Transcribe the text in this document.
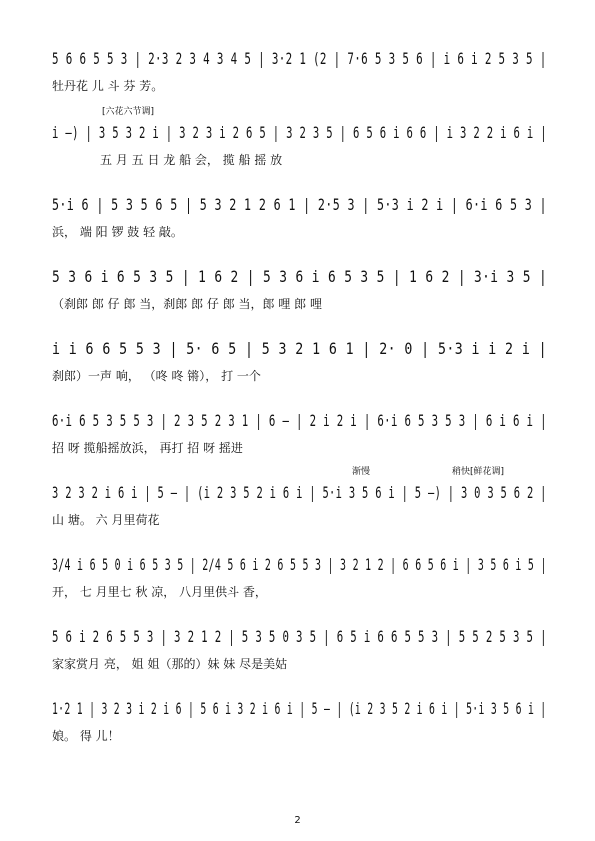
5 6 6 5 5 3 | 2·3 2 3 4 3 4 5 | 3·2 1 (2 | 7·6 5 3 5 6 | i 6 i 2 5 3 5 |
牡丹花 儿 斗 芬 芳。
[六花六节调]
i —) | 3 5 3 2 i | 3 2 3 i 2 6 5 | 3 2 3 5 | 6 5 6 i 6 6 | i 3 2 2 i 6 i |
五 月 五 日 龙 船 会， 揽 船 摇 放
5·i 6 | 5 3 5 6 5 | 5 3 2 1 2 6 1 | 2·5 3 | 5·3 i 2 i | 6·i 6 5 3 |
浜， 端 阳 锣 鼓 轻 敲。
5 3 6 i 6 5 3 5 | 1 6 2 | 5 3 6 i 6 5 3 5 | 1 6 2 | 3·i 3 5 |
（刹郎 郎 仔 郎 当，刹郎 郎 仔 郎 当，郎 哩 郎 哩
i i 6 6 5 5 3 | 5· 6 5 | 5 3 2 1 6 1 | 2· 0 | 5·3 i i 2 i |
刹郎）一声 响， （咚 咚 锵）， 打 一个
6·i 6 5 3 5 5 3 | 2 3 5 2 3 1 | 6 — | 2 i 2 i | 6·i 6 5 3 5 3 | 6 i 6 i |
招 呀 揽船摇放浜， 再打 招 呀 摇进
渐慢	稍快[鲜花调]
3 2 3 2 i 6 i | 5 — | (i 2 3 5 2 i 6 i | 5·i 3 5 6 i | 5 —) | 3 0 3 5 6 2 |
山 塘。 六 月里荷花
3/4 i 6 5 0 i 6 5 3 5 | 2/4 5 6 i 2 6 5 5 3 | 3 2 1 2 | 6 6 5 6 i | 3 5 6 i 5 |
开， 七 月里七 秋 凉， 八月里供斗 香，
5 6 i 2 6 5 5 3 | 3 2 1 2 | 5 3 5 0 3 5 | 6 5 i 6 6 5 5 3 | 5 5 2 5 3 5 |
家家赏月 亮， 姐 姐（那的）妹 妹 尽是美姑
1·2 1 | 3 2 3 i 2 i 6 | 5 6 i 3 2 i 6 i | 5 — | (i 2 3 5 2 i 6 i | 5·i 3 5 6 i |
娘。 得 儿！
2
